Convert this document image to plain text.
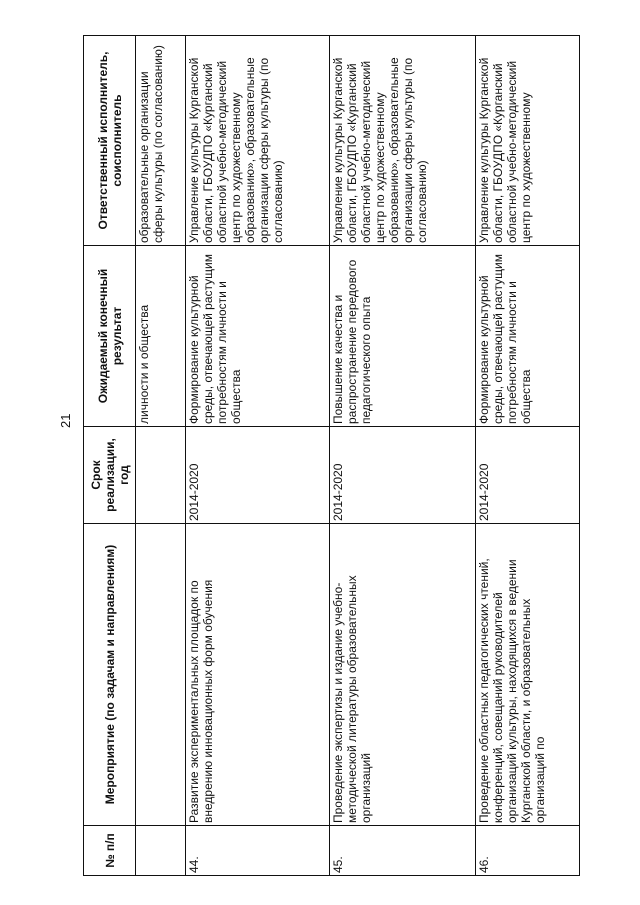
21
№ п/п	Мероприятие (по задачам и направлениям)	Срок реализации, год	Ожидаемый конечный результат	Ответственный исполнитель, соисполнитель
			личности и общества	образовательные организации сферы культуры (по согласованию)
44.	Развитие экспериментальных площадок по внедрению инновационных форм обучения	2014-2020	Формирование культурной среды, отвечающей растущим потребностям личности и общества	Управление культуры Курганской области, ГБОУДПО «Курганский областной учебно-методический центр по художественному образованию», образовательные организации сферы культуры (по согласованию)
45.	Проведение экспертизы и издание учебно-методической литературы образовательных организаций	2014-2020	Повышение качества и распространение передового педагогического опыта	Управление культуры Курганской области, ГБОУДПО «Курганский областной учебно-методический центр по художественному образованию», образовательные организации сферы культуры (по согласованию)
46.	Проведение областных педагогических чтений, конференций, совещаний руководителей организаций культуры, находящихся в ведении Курганской области, и образовательных организаций по	2014-2020	Формирование культурной среды, отвечающей растущим потребностям личности и общества	Управление культуры Курганской области, ГБОУДПО «Курганский областной учебно-методический центр по художественному
